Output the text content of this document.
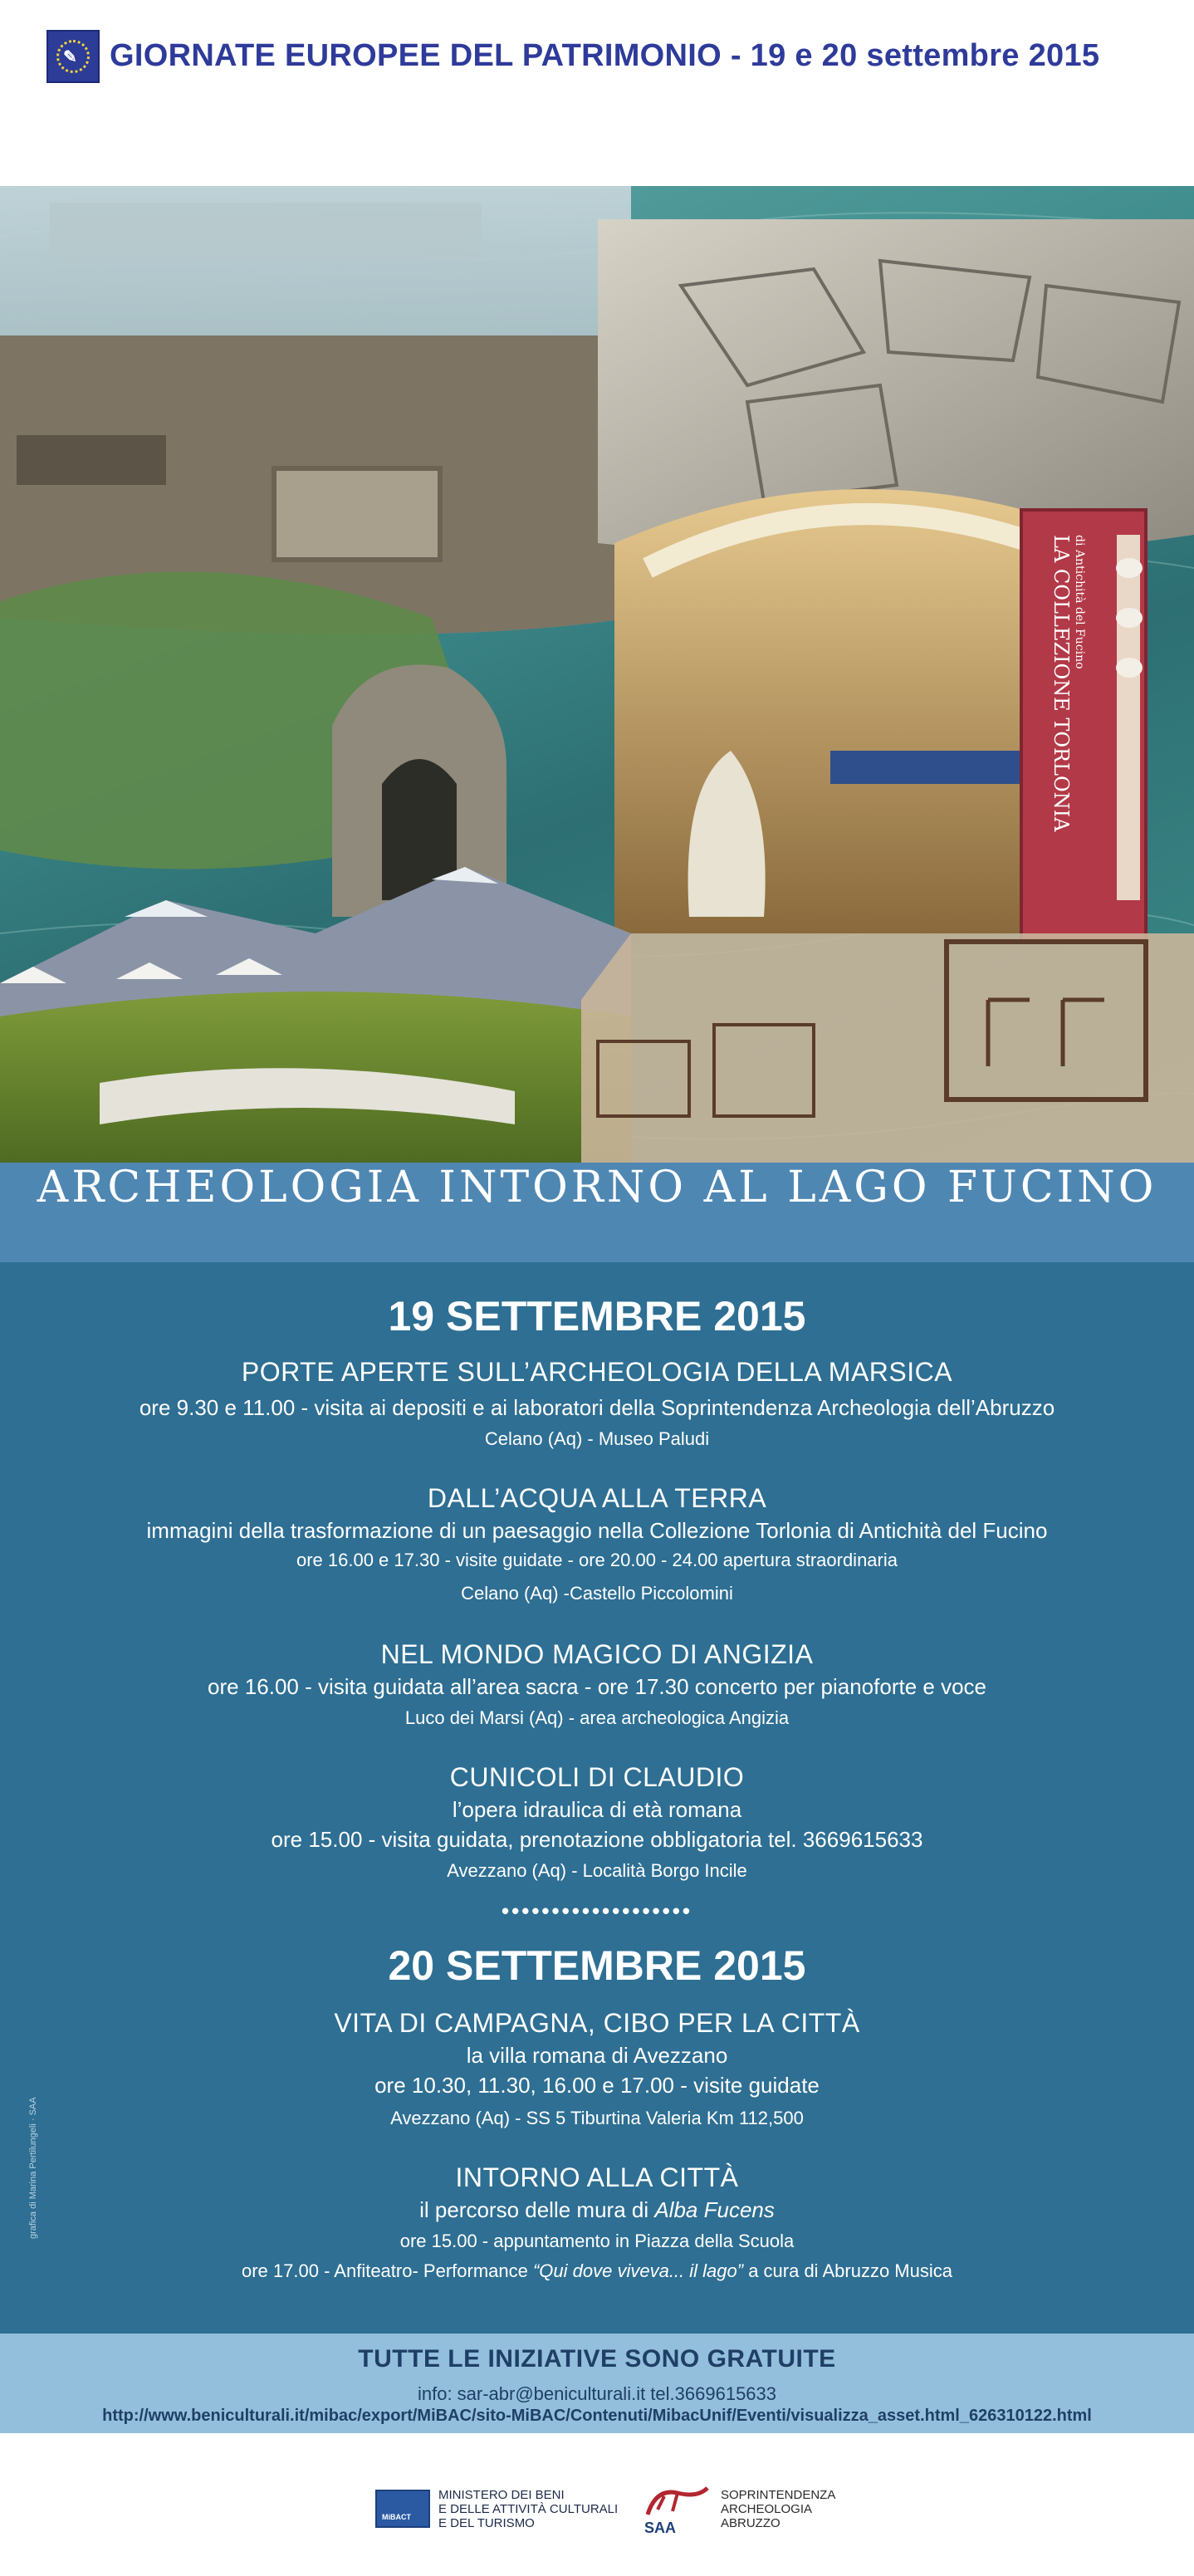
✎ GIORNATE EUROPEE DEL PATRIMONIO - 19 e 20 settembre 2015
LA COLLEZIONE TORLONIA di Antichità del Fucino
ARCHEOLOGIA INTORNO AL LAGO FUCINO
grafica di Marina Pertilungeli · SAA
19 SETTEMBRE 2015
PORTE APERTE SULL’ARCHEOLOGIA DELLA MARSICA
ore 9.30 e 11.00 - visita ai depositi e ai laboratori della Soprintendenza Archeologia dell’Abruzzo
Celano (Aq) - Museo Paludi
DALL’ACQUA ALLA TERRA
immagini della trasformazione di un paesaggio nella Collezione Torlonia di Antichità del Fucino
ore 16.00 e 17.30 - visite guidate - ore 20.00 - 24.00 apertura straordinaria
Celano (Aq) -Castello Piccolomini
NEL MONDO MAGICO DI ANGIZIA
ore 16.00 - visita guidata all’area sacra - ore 17.30 concerto per pianoforte e voce
Luco dei Marsi (Aq) - area archeologica Angizia
CUNICOLI DI CLAUDIO
l’opera idraulica di età romana
ore 15.00 - visita guidata, prenotazione obbligatoria tel. 3669615633
Avezzano (Aq) - Località Borgo Incile
•••••••••••••••••••
20 SETTEMBRE 2015
VITA DI CAMPAGNA, CIBO PER LA CITTÀ
la villa romana di Avezzano
ore 10.30, 11.30, 16.00 e 17.00 - visite guidate
Avezzano (Aq) - SS 5 Tiburtina Valeria Km 112,500
INTORNO ALLA CITTÀ
il percorso delle mura di Alba Fucens
ore 15.00 - appuntamento in Piazza della Scuola
ore 17.00 - Anfiteatro- Performance “Qui dove viveva... il lago” a cura di Abruzzo Musica
TUTTE LE INIZIATIVE SONO GRATUITE
info: sar-abr@beniculturali.it tel.3669615633
http://www.beniculturali.it/mibac/export/MiBAC/sito-MiBAC/Contenuti/MibacUnif/Eventi/visualizza_asset.html_626310122.html
MiBACT
MINISTERO DEI BENI
E DELLE ATTIVITÀ CULTURALI
E DEL TURISMO	SAA
SOPRINTENDENZA
ARCHEOLOGIA
ABRUZZO
